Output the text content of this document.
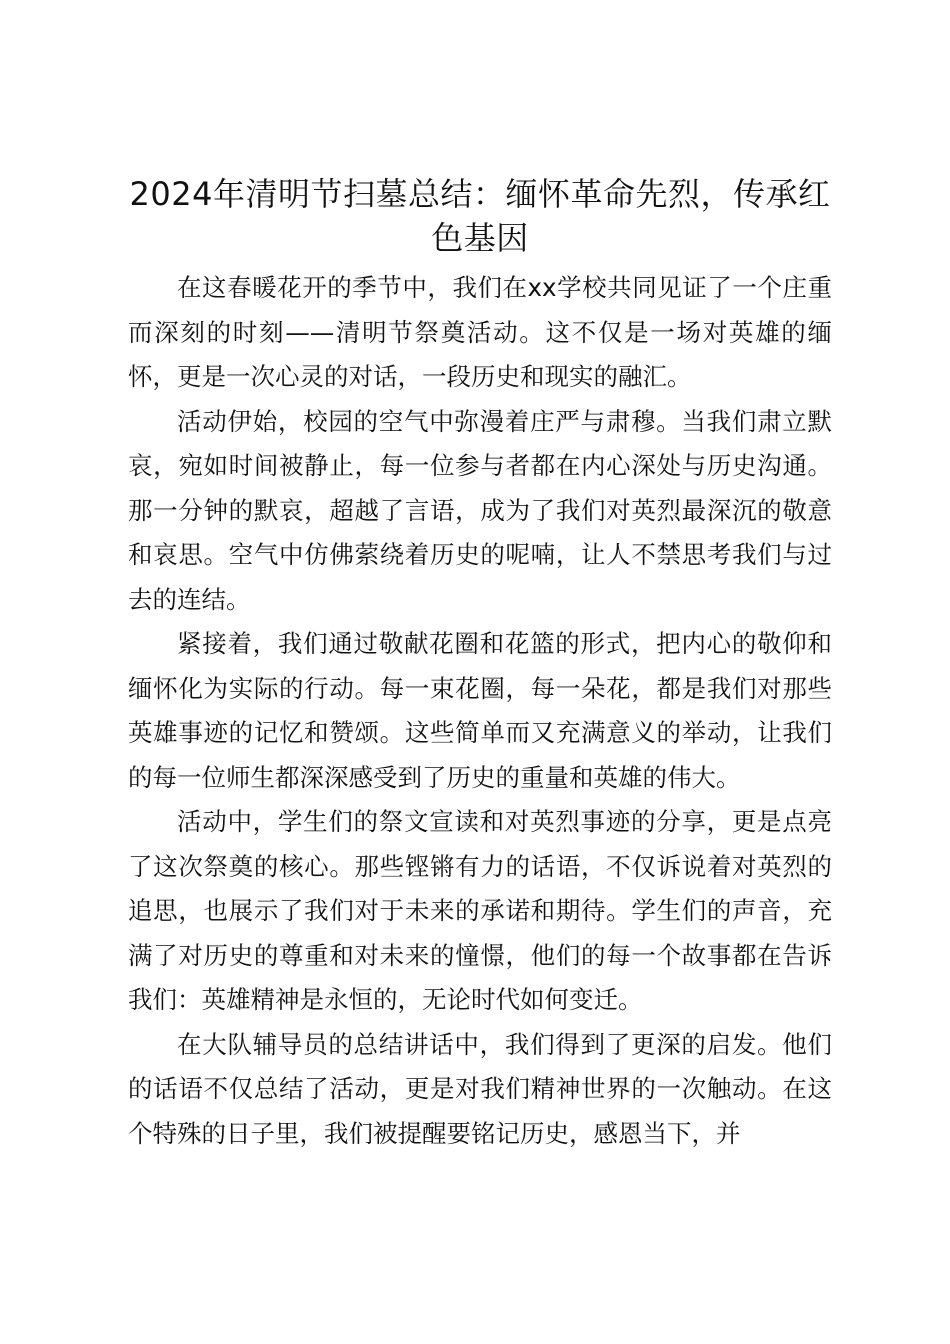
2024年清明节扫墓总结：缅怀革命先烈，传承红色基因

在这春暖花开的季节中，我们在xx学校共同见证了一个庄重而深刻的时刻——清明节祭奠活动。这不仅是一场对英雄的缅怀，更是一次心灵的对话，一段历史和现实的融汇。

活动伊始，校园的空气中弥漫着庄严与肃穆。当我们肃立默哀，宛如时间被静止，每一位参与者都在内心深处与历史沟通。那一分钟的默哀，超越了言语，成为了我们对英烈最深沉的敬意和哀思。空气中仿佛萦绕着历史的呢喃，让人不禁思考我们与过去的连结。

紧接着，我们通过敬献花圈和花篮的形式，把内心的敬仰和缅怀化为实际的行动。每一束花圈，每一朵花，都是我们对那些英雄事迹的记忆和赞颂。这些简单而又充满意义的举动，让我们的每一位师生都深深感受到了历史的重量和英雄的伟大。

活动中，学生们的祭文宣读和对英烈事迹的分享，更是点亮了这次祭奠的核心。那些铿锵有力的话语，不仅诉说着对英烈的追思，也展示了我们对于未来的承诺和期待。学生们的声音，充满了对历史的尊重和对未来的憧憬，他们的每一个故事都在告诉我们：英雄精神是永恒的，无论时代如何变迁。

在大队辅导员的总结讲话中，我们得到了更深的启发。他们的话语不仅总结了活动，更是对我们精神世界的一次触动。在这个特殊的日子里，我们被提醒要铭记历史，感恩当下，并
